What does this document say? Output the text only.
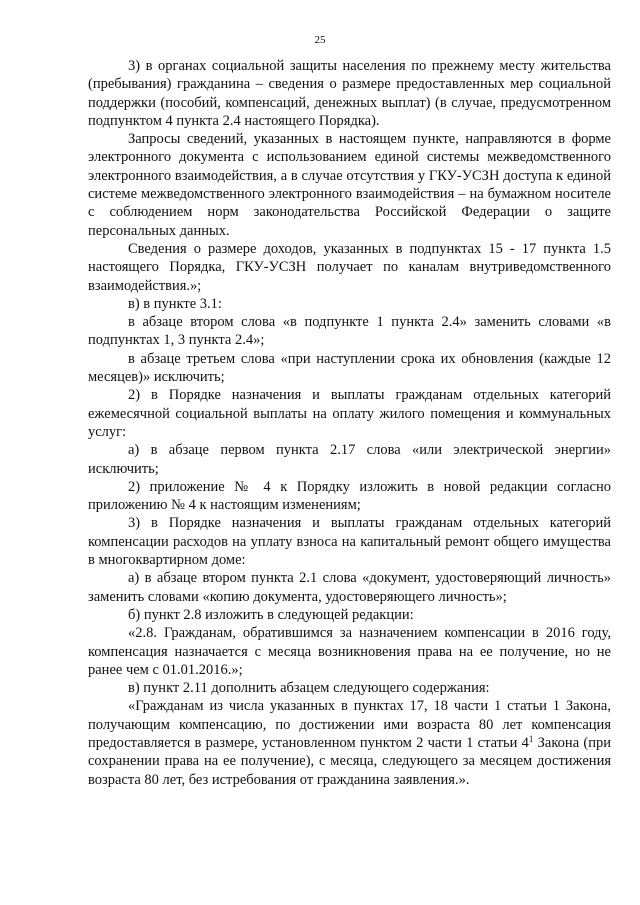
25

3) в органах социальной защиты населения по прежнему месту жительства (пребывания) гражданина – сведения о размере предоставленных мер социальной поддержки (пособий, компенсаций, денежных выплат) (в случае, предусмотренном подпунктом 4 пункта 2.4 настоящего Порядка).

Запросы сведений, указанных в настоящем пункте, направляются в форме электронного документа с использованием единой системы межведомственного электронного взаимодействия, а в случае отсутствия у ГКУ-УСЗН доступа к единой системе межведомственного электронного взаимодействия – на бумажном носителе с соблюдением норм законодательства Российской Федерации о защите персональных данных.

Сведения о размере доходов, указанных в подпунктах 15 - 17 пункта 1.5 настоящего Порядка, ГКУ-УСЗН получает по каналам внутриведомственного взаимодействия.»;

в) в пункте 3.1:

в абзаце втором слова «в подпункте 1 пункта 2.4» заменить словами «в подпунктах 1, 3 пункта 2.4»;

в абзаце третьем слова «при наступлении срока их обновления (каждые 12 месяцев)» исключить;

2) в Порядке назначения и выплаты гражданам отдельных категорий ежемесячной социальной выплаты на оплату жилого помещения и коммунальных услуг:

а) в абзаце первом пункта 2.17 слова «или электрической энергии» исключить;

2) приложение № 4 к Порядку изложить в новой редакции согласно приложению № 4 к настоящим изменениям;

3) в Порядке назначения и выплаты гражданам отдельных категорий компенсации расходов на уплату взноса на капитальный ремонт общего имущества в многоквартирном доме:

а) в абзаце втором пункта 2.1 слова «документ, удостоверяющий личность» заменить словами «копию документа, удостоверяющего личность»;

б) пункт 2.8 изложить в следующей редакции:

«2.8. Гражданам, обратившимся за назначением компенсации в 2016 году, компенсация назначается с месяца возникновения права на ее получение, но не ранее чем с 01.01.2016.»;

в) пункт 2.11 дополнить абзацем следующего содержания:

«Гражданам из числа указанных в пунктах 17, 18 части 1 статьи 1 Закона, получающим компенсацию, по достижении ими возраста 80 лет компенсация предоставляется в размере, установленном пунктом 2 части 1 статьи $4^1$ Закона (при сохранении права на ее получение), с месяца, следующего за месяцем достижения возраста 80 лет, без истребования от гражданина заявления.».
